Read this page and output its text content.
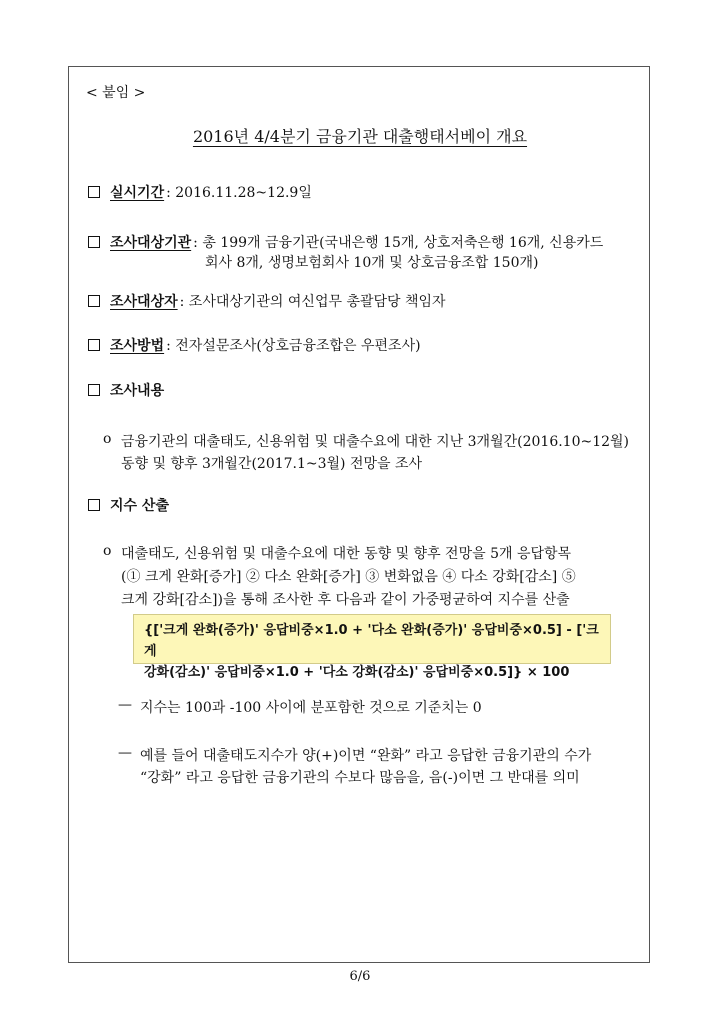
< 붙임 >
2016년 4/4분기 금융기관 대출행태서베이 개요
실시기간 : 2016.11.28~12.9일
조사대상기관 : 총 199개 금융기관(국내은행 15개, 상호저축은행 16개, 신용카드
회사 8개, 생명보험회사 10개 및 상호금융조합 150개)
조사대상자 : 조사대상기관의 여신업무 총괄담당 책임자
조사방법 : 전자설문조사(상호금융조합은 우편조사)
조사내용
o 금융기관의 대출태도, 신용위험 및 대출수요에 대한 지난 3개월간(2016.10~12월)
동향 및 향후 3개월간(2017.1~3월) 전망을 조사
지수 산출
o 대출태도, 신용위험 및 대출수요에 대한 동향 및 향후 전망을 5개 응답항목
(① 크게 완화[증가] ② 다소 완화[증가] ③ 변화없음 ④ 다소 강화[감소] ⑤
크게 강화[감소])을 통해 조사한 후 다음과 같이 가중평균하여 지수를 산출
{['크게 완화(증가)' 응답비중×1.0 + '다소 완화(증가)' 응답비중×0.5] - ['크게
강화(감소)' 응답비중×1.0 + '다소 강화(감소)' 응답비중×0.5]} × 100
— 지수는 100과 -100 사이에 분포함한 것으로 기준치는 0
— 예를 들어 대출태도지수가 양(+)이면 “완화” 라고 응답한 금융기관의 수가
“강화” 라고 응답한 금융기관의 수보다 많음을, 음(-)이면 그 반대를 의미
6/6
